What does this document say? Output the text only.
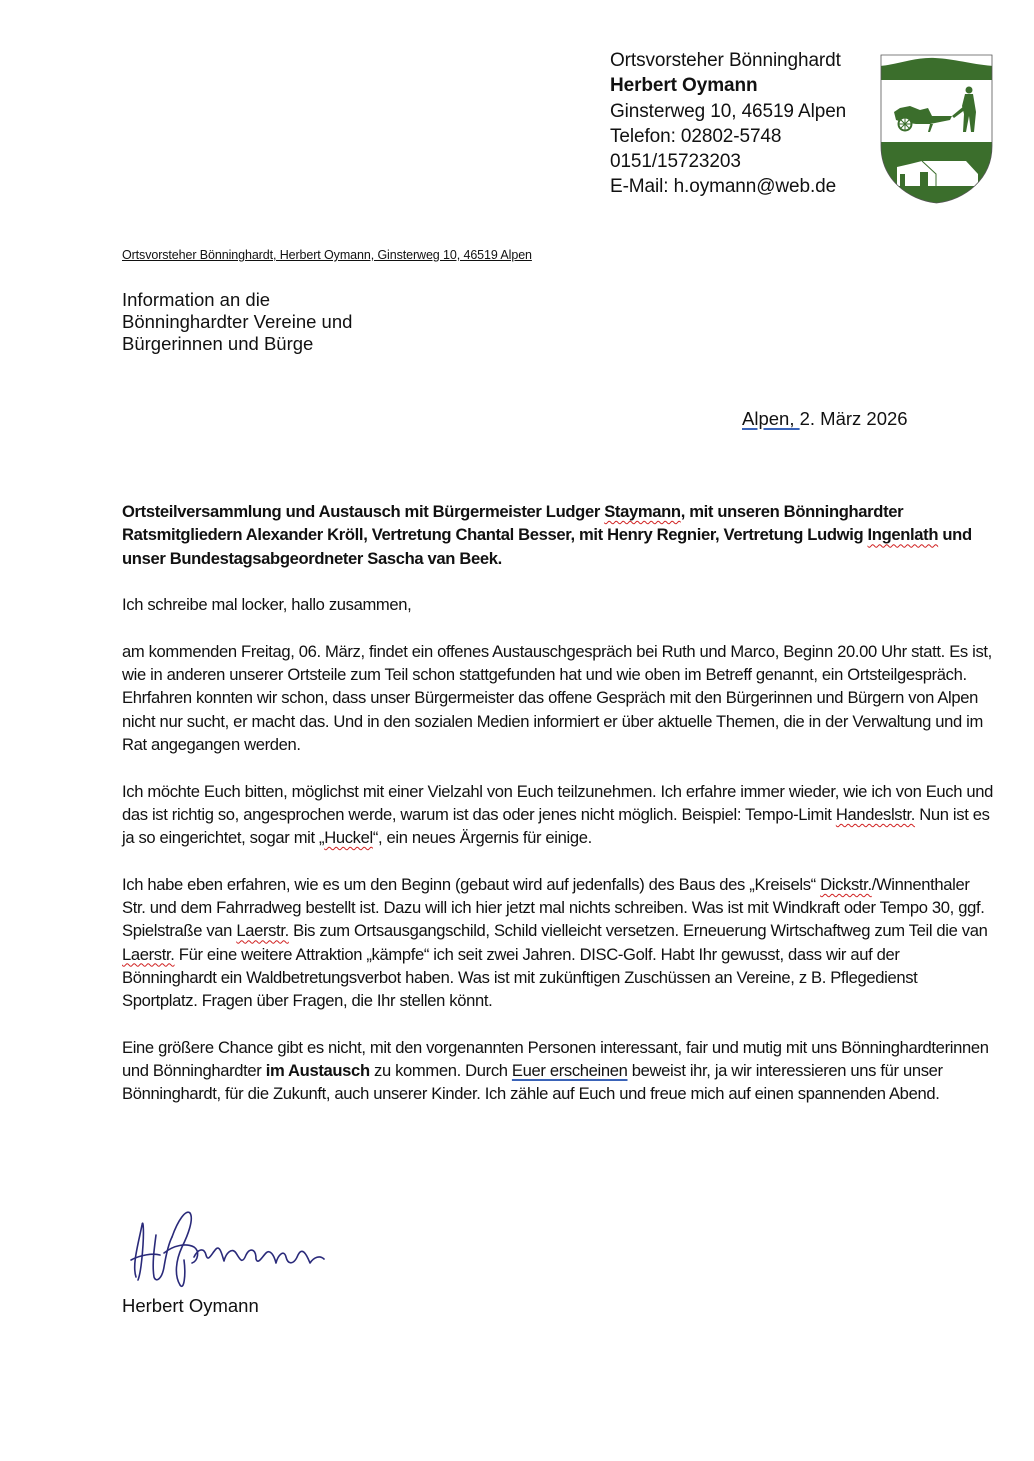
Ortsvorsteher Bönninghardt
Herbert Oymann
Ginsterweg 10, 46519 Alpen
Telefon: 02802-5748
0151/15723203
E-Mail: h.oymann@web.de
Ortsvorsteher Bönninghardt, Herbert Oymann, Ginsterweg 10, 46519 Alpen
Information an die
Bönninghardter Vereine und
Bürgerinnen und Bürge
Alpen, 2. März 2026

Ortsteilversammlung und Austausch mit Bürgermeister Ludger Staymann, mit unseren Bönninghardter Ratsmitgliedern Alexander Kröll, Vertretung Chantal Besser, mit Henry Regnier, Vertretung Ludwig Ingenlath und unser Bundestagsabgeordneter Sascha van Beek.

Ich schreibe mal locker, hallo zusammen,

am kommenden Freitag, 06. März, findet ein offenes Austauschgespräch bei Ruth und Marco, Beginn 20.00 Uhr statt. Es ist, wie in anderen unserer Ortsteile zum Teil schon stattgefunden hat und wie oben im Betreff genannt, ein Ortsteilgespräch. Ehrfahren konnten wir schon, dass unser Bürgermeister das offene Gespräch mit den Bürgerinnen und Bürgern von Alpen nicht nur sucht, er macht das. Und in den sozialen Medien informiert er über aktuelle Themen, die in der Verwaltung und im Rat angegangen werden.

Ich möchte Euch bitten, möglichst mit einer Vielzahl von Euch teilzunehmen. Ich erfahre immer wieder, wie ich von Euch und das ist richtig so, angesprochen werde, warum ist das oder jenes nicht möglich. Beispiel: Tempo-Limit Handeslstr. Nun ist es ja so eingerichtet, sogar mit „Huckel“, ein neues Ärgernis für einige.

Ich habe eben erfahren, wie es um den Beginn (gebaut wird auf jedenfalls) des Baus des „Kreisels“ Dickstr./Winnenthaler Str. und dem Fahrradweg bestellt ist. Dazu will ich hier jetzt mal nichts schreiben. Was ist mit Windkraft oder Tempo 30, ggf. Spielstraße van Laerstr. Bis zum Ortsausgangschild, Schild vielleicht versetzen. Erneuerung Wirtschaftweg zum Teil die van Laerstr. Für eine weitere Attraktion „kämpfe“ ich seit zwei Jahren. DISC-Golf. Habt Ihr gewusst, dass wir auf der Bönninghardt ein Waldbetretungsverbot haben. Was ist mit zukünftigen Zuschüssen an Vereine, z B. Pflegedienst Sportplatz. Fragen über Fragen, die Ihr stellen könnt.

Eine größere Chance gibt es nicht, mit den vorgenannten Personen interessant, fair und mutig mit uns Bönninghardterinnen und Bönninghardter im Austausch zu kommen. Durch Euer erscheinen beweist ihr, ja wir interessieren uns für unser Bönninghardt, für die Zukunft, auch unserer Kinder. Ich zähle auf Euch und freue mich auf einen spannenden Abend.

Herbert Oymann
